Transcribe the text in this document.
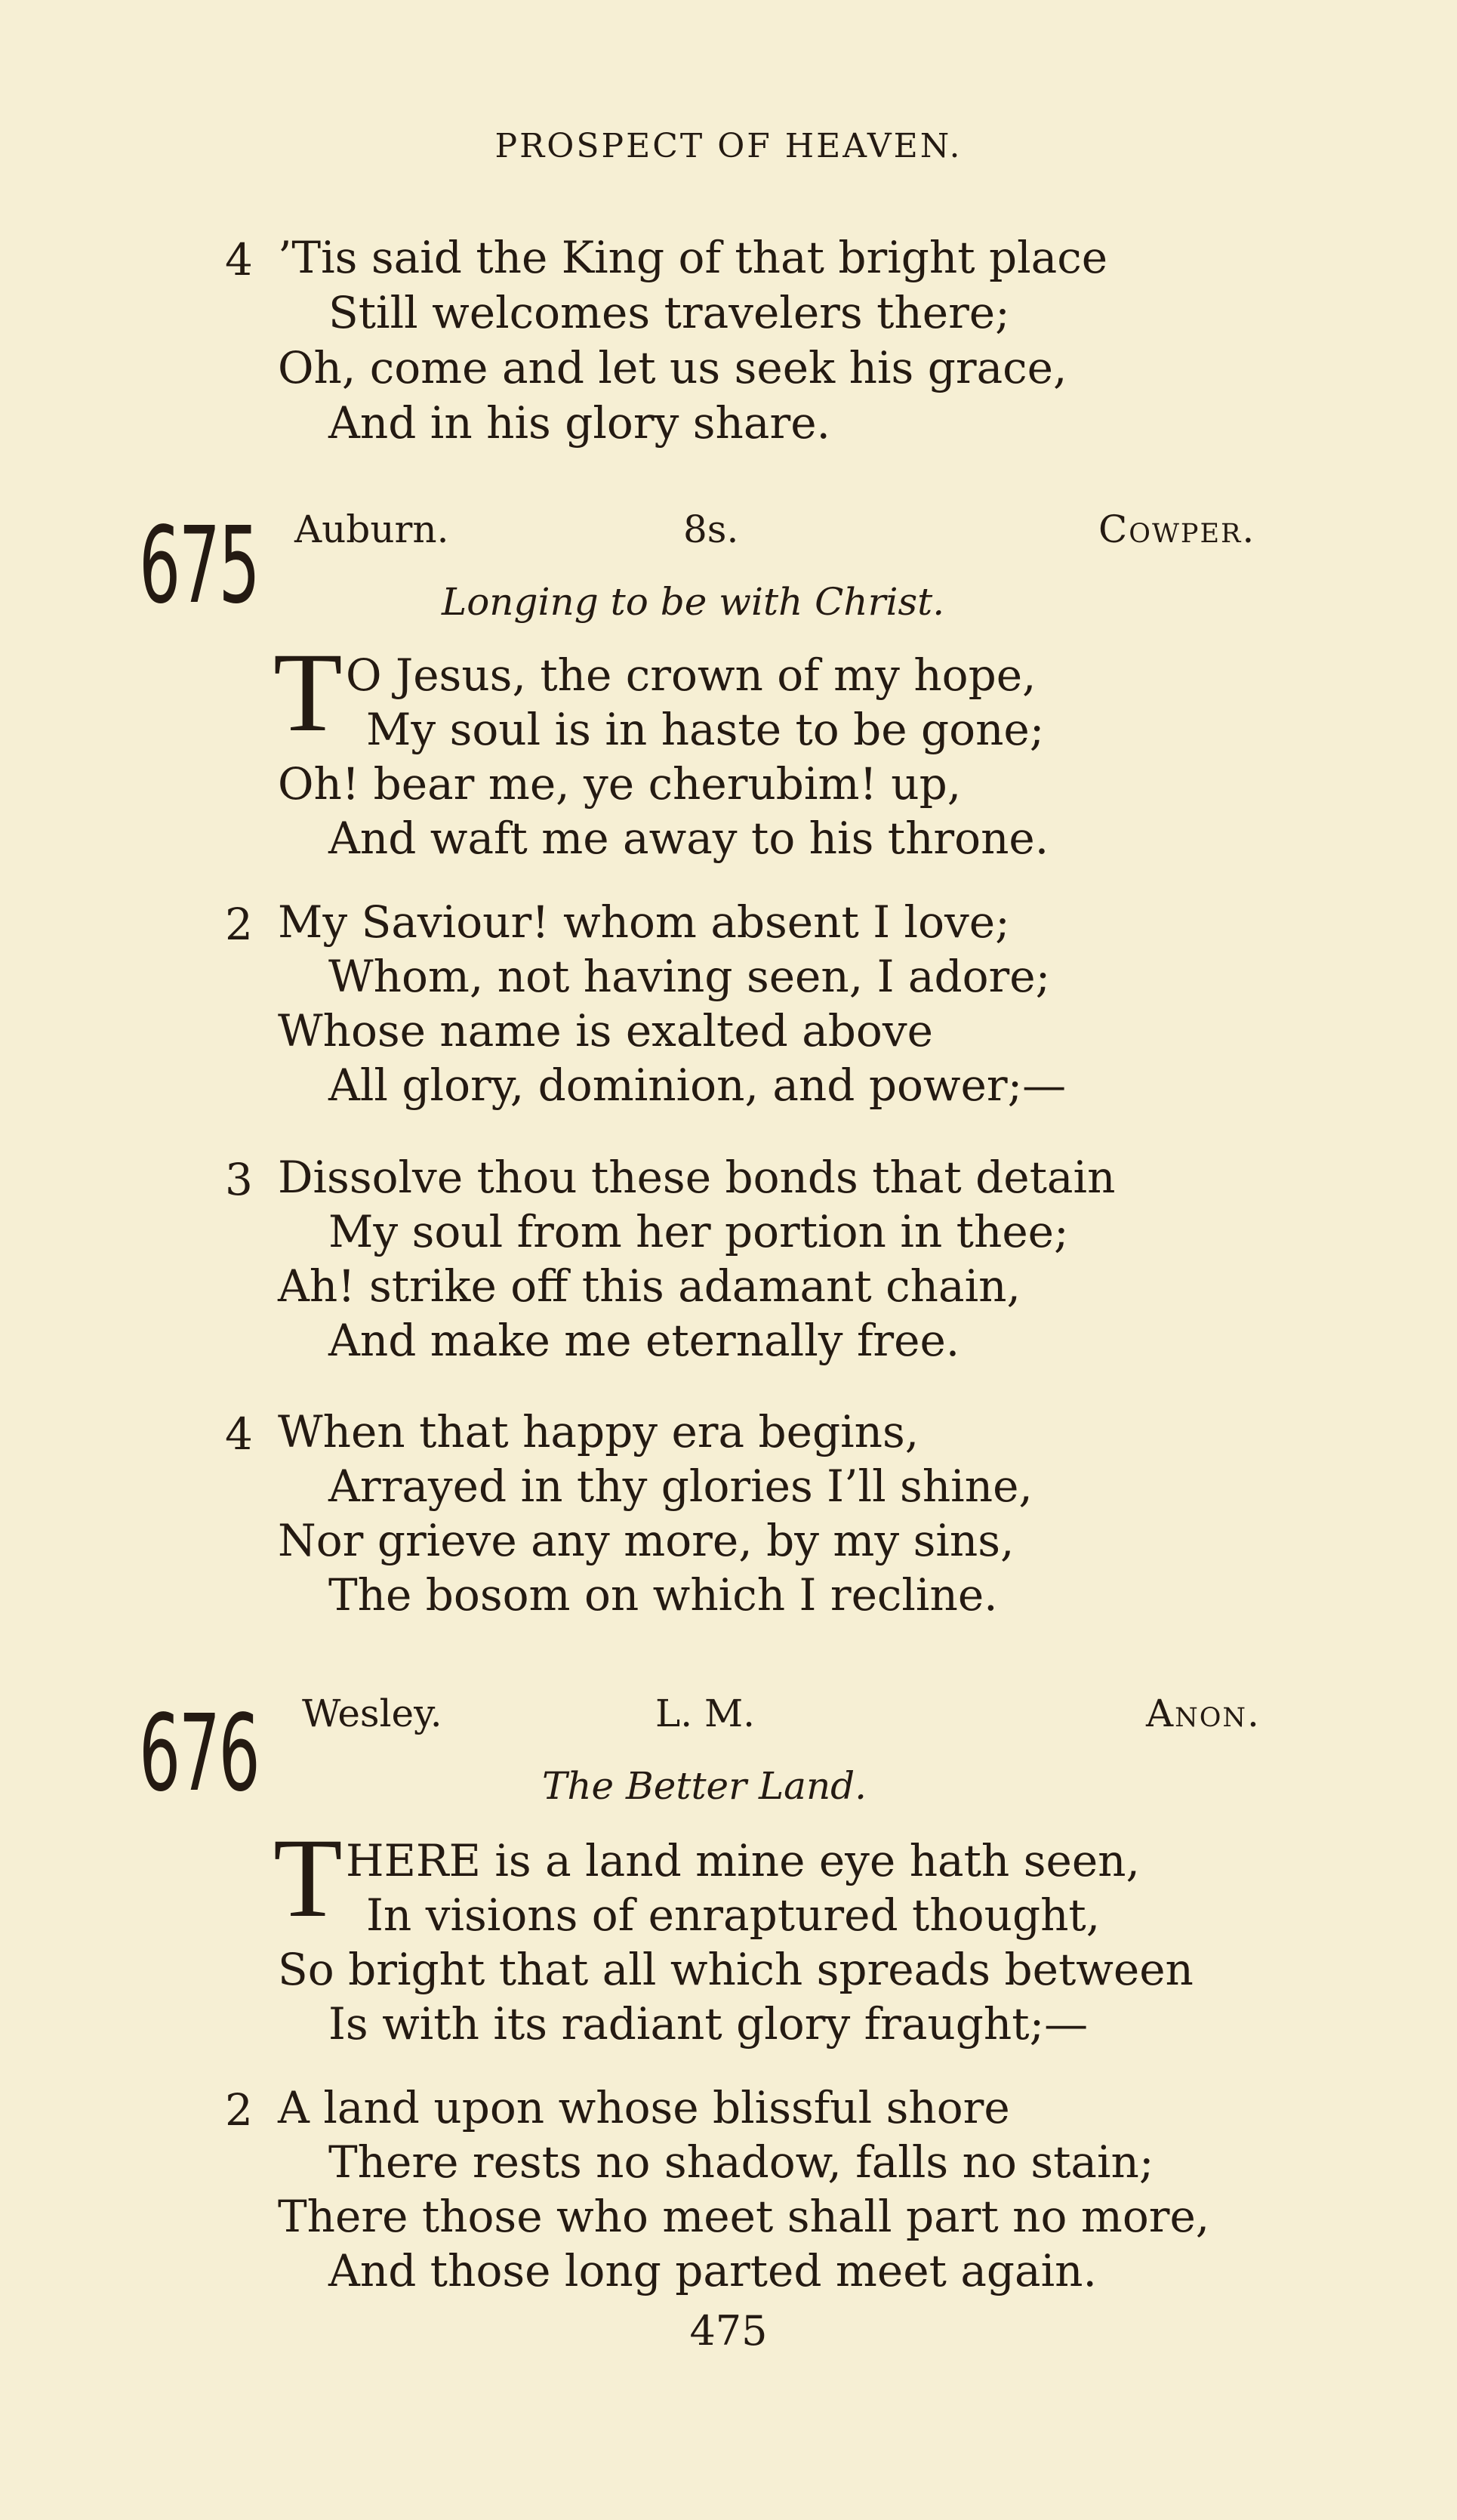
PROSPECT OF HEAVEN.
4 ’Tis said the King of that bright place
Still welcomes travelers there;
Oh, come and let us seek his grace,
And in his glory share.
675 Auburn.	8s.	Cowper.
Longing to be with Christ.
T O Jesus, the crown of my hope,
My soul is in haste to be gone;
Oh! bear me, ye cherubim! up,
And waft me away to his throne.
2 My Saviour! whom absent I love;
Whom, not having seen, I adore;
Whose name is exalted above
All glory, dominion, and power;—
3 Dissolve thou these bonds that detain
My soul from her portion in thee;
Ah! strike off this adamant chain,
And make me eternally free.
4 When that happy era begins,
Arrayed in thy glories I’ll shine,
Nor grieve any more, by my sins,
The bosom on which I recline.
676 Wesley.	L. M.	Anon.
The Better Land.
T HERE is a land mine eye hath seen,
In visions of enraptured thought,
So bright that all which spreads between
Is with its radiant glory fraught;—
2 A land upon whose blissful shore
There rests no shadow, falls no stain;
There those who meet shall part no more,
And those long parted meet again.
475
